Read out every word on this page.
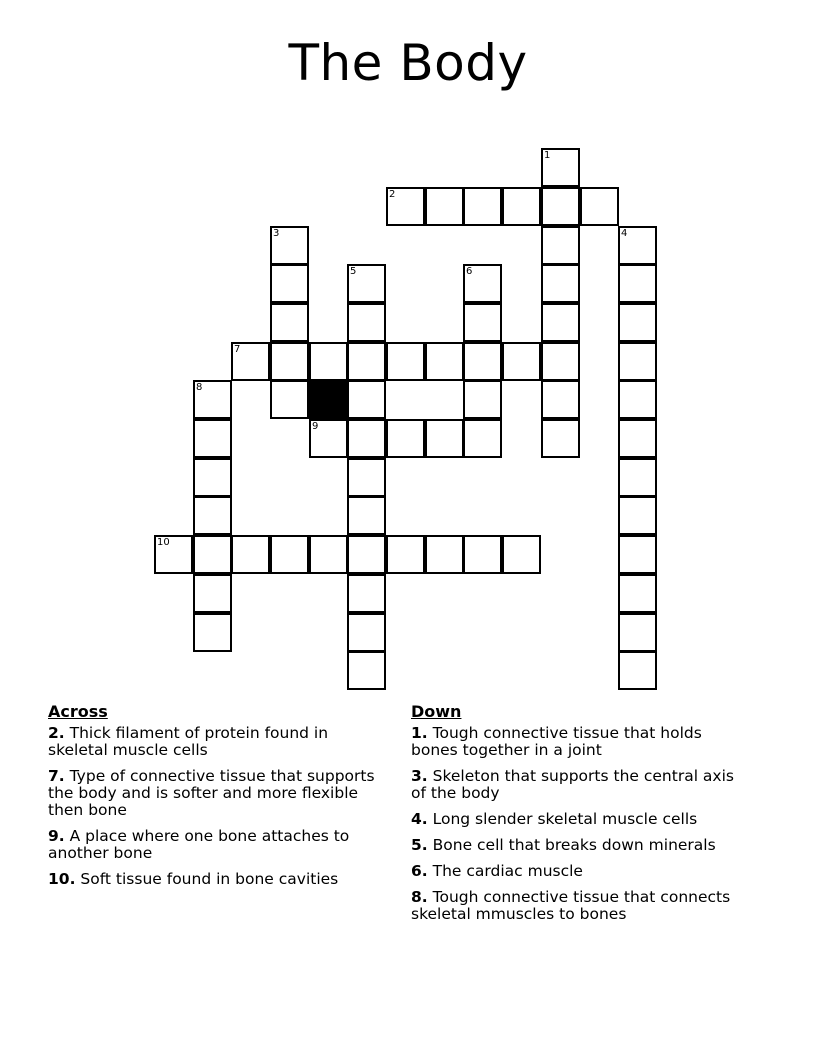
The Body
1
2
3	4
5	6
7
8
9
10
Across
2. Thick filament of protein found in skeletal muscle cells
7. Type of connective tissue that supports the body and is softer and more flexible then bone
9. A place where one bone attaches to another bone
10. Soft tissue found in bone cavities
Down
1. Tough connective tissue that holds bones together in a joint
3. Skeleton that supports the central axis of the body
4. Long slender skeletal muscle cells
5. Bone cell that breaks down minerals
6. The cardiac muscle
8. Tough connective tissue that connects skeletal mmuscles to bones
